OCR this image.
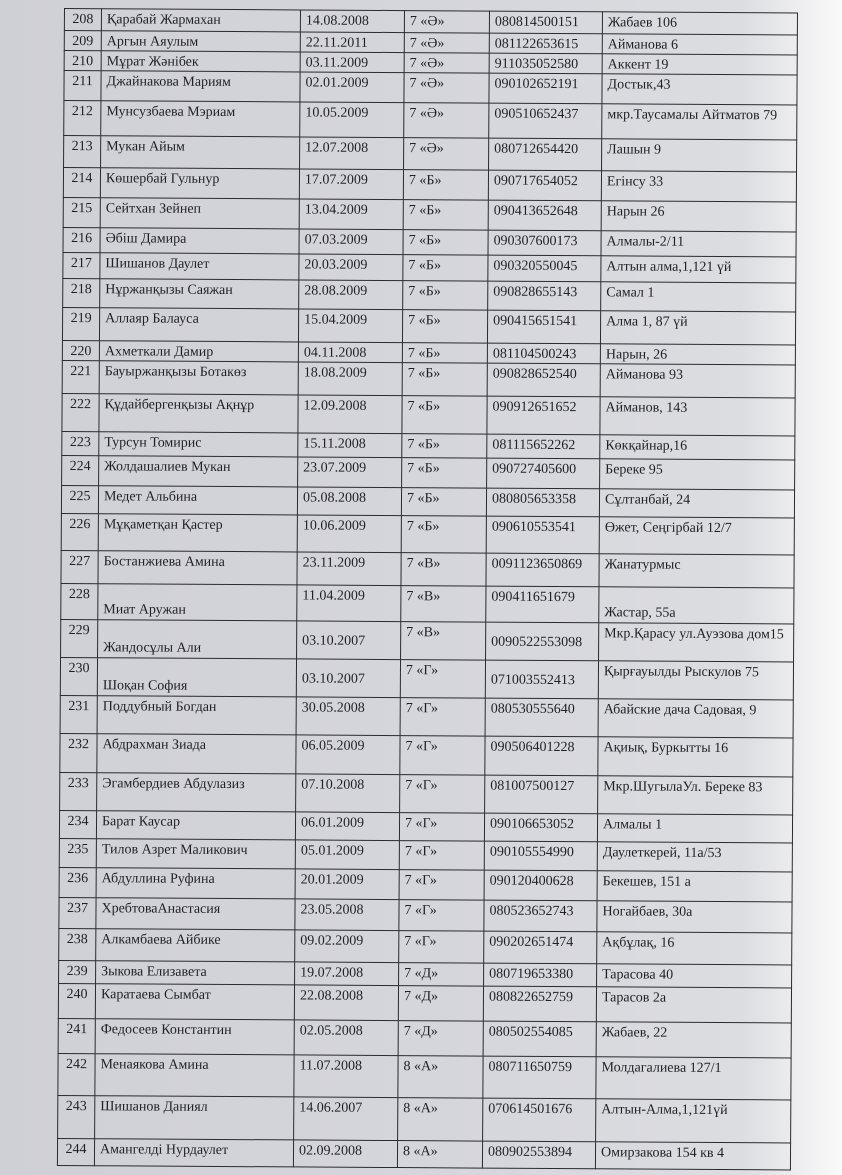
208	Қарабай Жармахан	14.08.2008	7 «Ә»	080814500151	Жабаев 106
209	Аргын Аяулым	22.11.2011	7 «Ә»	081122653615	Айманова 6
210	Мұрат Жәнібек	03.11.2009	7 «Ә»	911035052580	Аккент 19
211	Джайнакова Мариям	02.01.2009	7 «Ә»	090102652191	Достык,43
212	Мунсузбаева Мэриам	10.05.2009	7 «Ә»	090510652437	мкр.Таусамалы Айтматов 79
213	Мукан Айым	12.07.2008	7 «Ә»	080712654420	Лашын 9
214	Көшербай Гульнур	17.07.2009	7 «Б»	090717654052	Егінсу 33
215	Сейтхан Зейнеп	13.04.2009	7 «Б»	090413652648	Нарын 26
216	Әбіш Дамира	07.03.2009	7 «Б»	090307600173	Алмалы-2/11
217	Шишанов Даулет	20.03.2009	7 «Б»	090320550045	Алтын алма,1,121 үй
218	Нұржанқызы Саяжан	28.08.2009	7 «Б»	090828655143	Самал 1
219	Аллаяр Балауса	15.04.2009	7 «Б»	090415651541	Алма 1, 87 үй
220	Ахметкали Дамир	04.11.2008	7 «Б»	081104500243	Нарын, 26
221	Бауыржанқызы Ботакөз	18.08.2009	7 «Б»	090828652540	Айманова 93
222	Құдайбергенқызы Ақнұр	12.09.2008	7 «Б»	090912651652	Айманов, 143
223	Турсун Томирис	15.11.2008	7 «Б»	081115652262	Көкқайнар,16
224	Жолдашалиев Мукан	23.07.2009	7 «Б»	090727405600	Береке 95
225	Медет Альбина	05.08.2008	7 «Б»	080805653358	Сұлтанбай, 24
226	Мұқаметқан Қастер	10.06.2009	7 «Б»	090610553541	Өжет, Сеңгірбай 12/7
227	Бостанжиева Амина	23.11.2009	7 «В»	0091123650869	Жанатурмыс
228	Миат Аружан	11.04.2009	7 «В»	090411651679	Жастар, 55а
229	Жандосұлы Али	03.10.2007	7 «В»	0090522553098	Мкр.Қарасу ул.Ауэзова дом15
230	Шоқан София	03.10.2007	7 «Г»	071003552413	Қырғауылды Рыскулов 75
231	Поддубный Богдан	30.05.2008	7 «Г»	080530555640	Абайские дача Садовая, 9
232	Абдрахман Зиада	06.05.2009	7 «Г»	090506401228	Ақиық, Буркытты 16
233	Эгамбердиев Абдулазиз	07.10.2008	7 «Г»	081007500127	Мкр.ШугылаУл. Береке 83
234	Барат Каусар	06.01.2009	7 «Г»	090106653052	Алмалы 1
235	Тилов Азрет Маликович	05.01.2009	7 «Г»	090105554990	Даулеткерей, 11а/53
236	Абдуллина Руфина	20.01.2009	7 «Г»	090120400628	Бекешев, 151 а
237	ХребтоваАнастасия	23.05.2008	7 «Г»	080523652743	Ногайбаев, 30а
238	Алкамбаева Айбике	09.02.2009	7 «Г»	090202651474	Ақбұлақ, 16
239	Зыкова Елизавета	19.07.2008	7 «Д»	080719653380	Тарасова 40
240	Каратаева Сымбат	22.08.2008	7 «Д»	080822652759	Тарасов 2а
241	Федосеев Константин	02.05.2008	7 «Д»	080502554085	Жабаев, 22
242	Менаякова Амина	11.07.2008	8 «А»	080711650759	Молдагалиева 127/1
243	Шишанов Даниял	14.06.2007	8 «А»	070614501676	Алтын-Алма,1,121үй
244	Амангелді Нурдаулет	02.09.2008	8 «А»	080902553894	Омирзакова 154 кв 4
